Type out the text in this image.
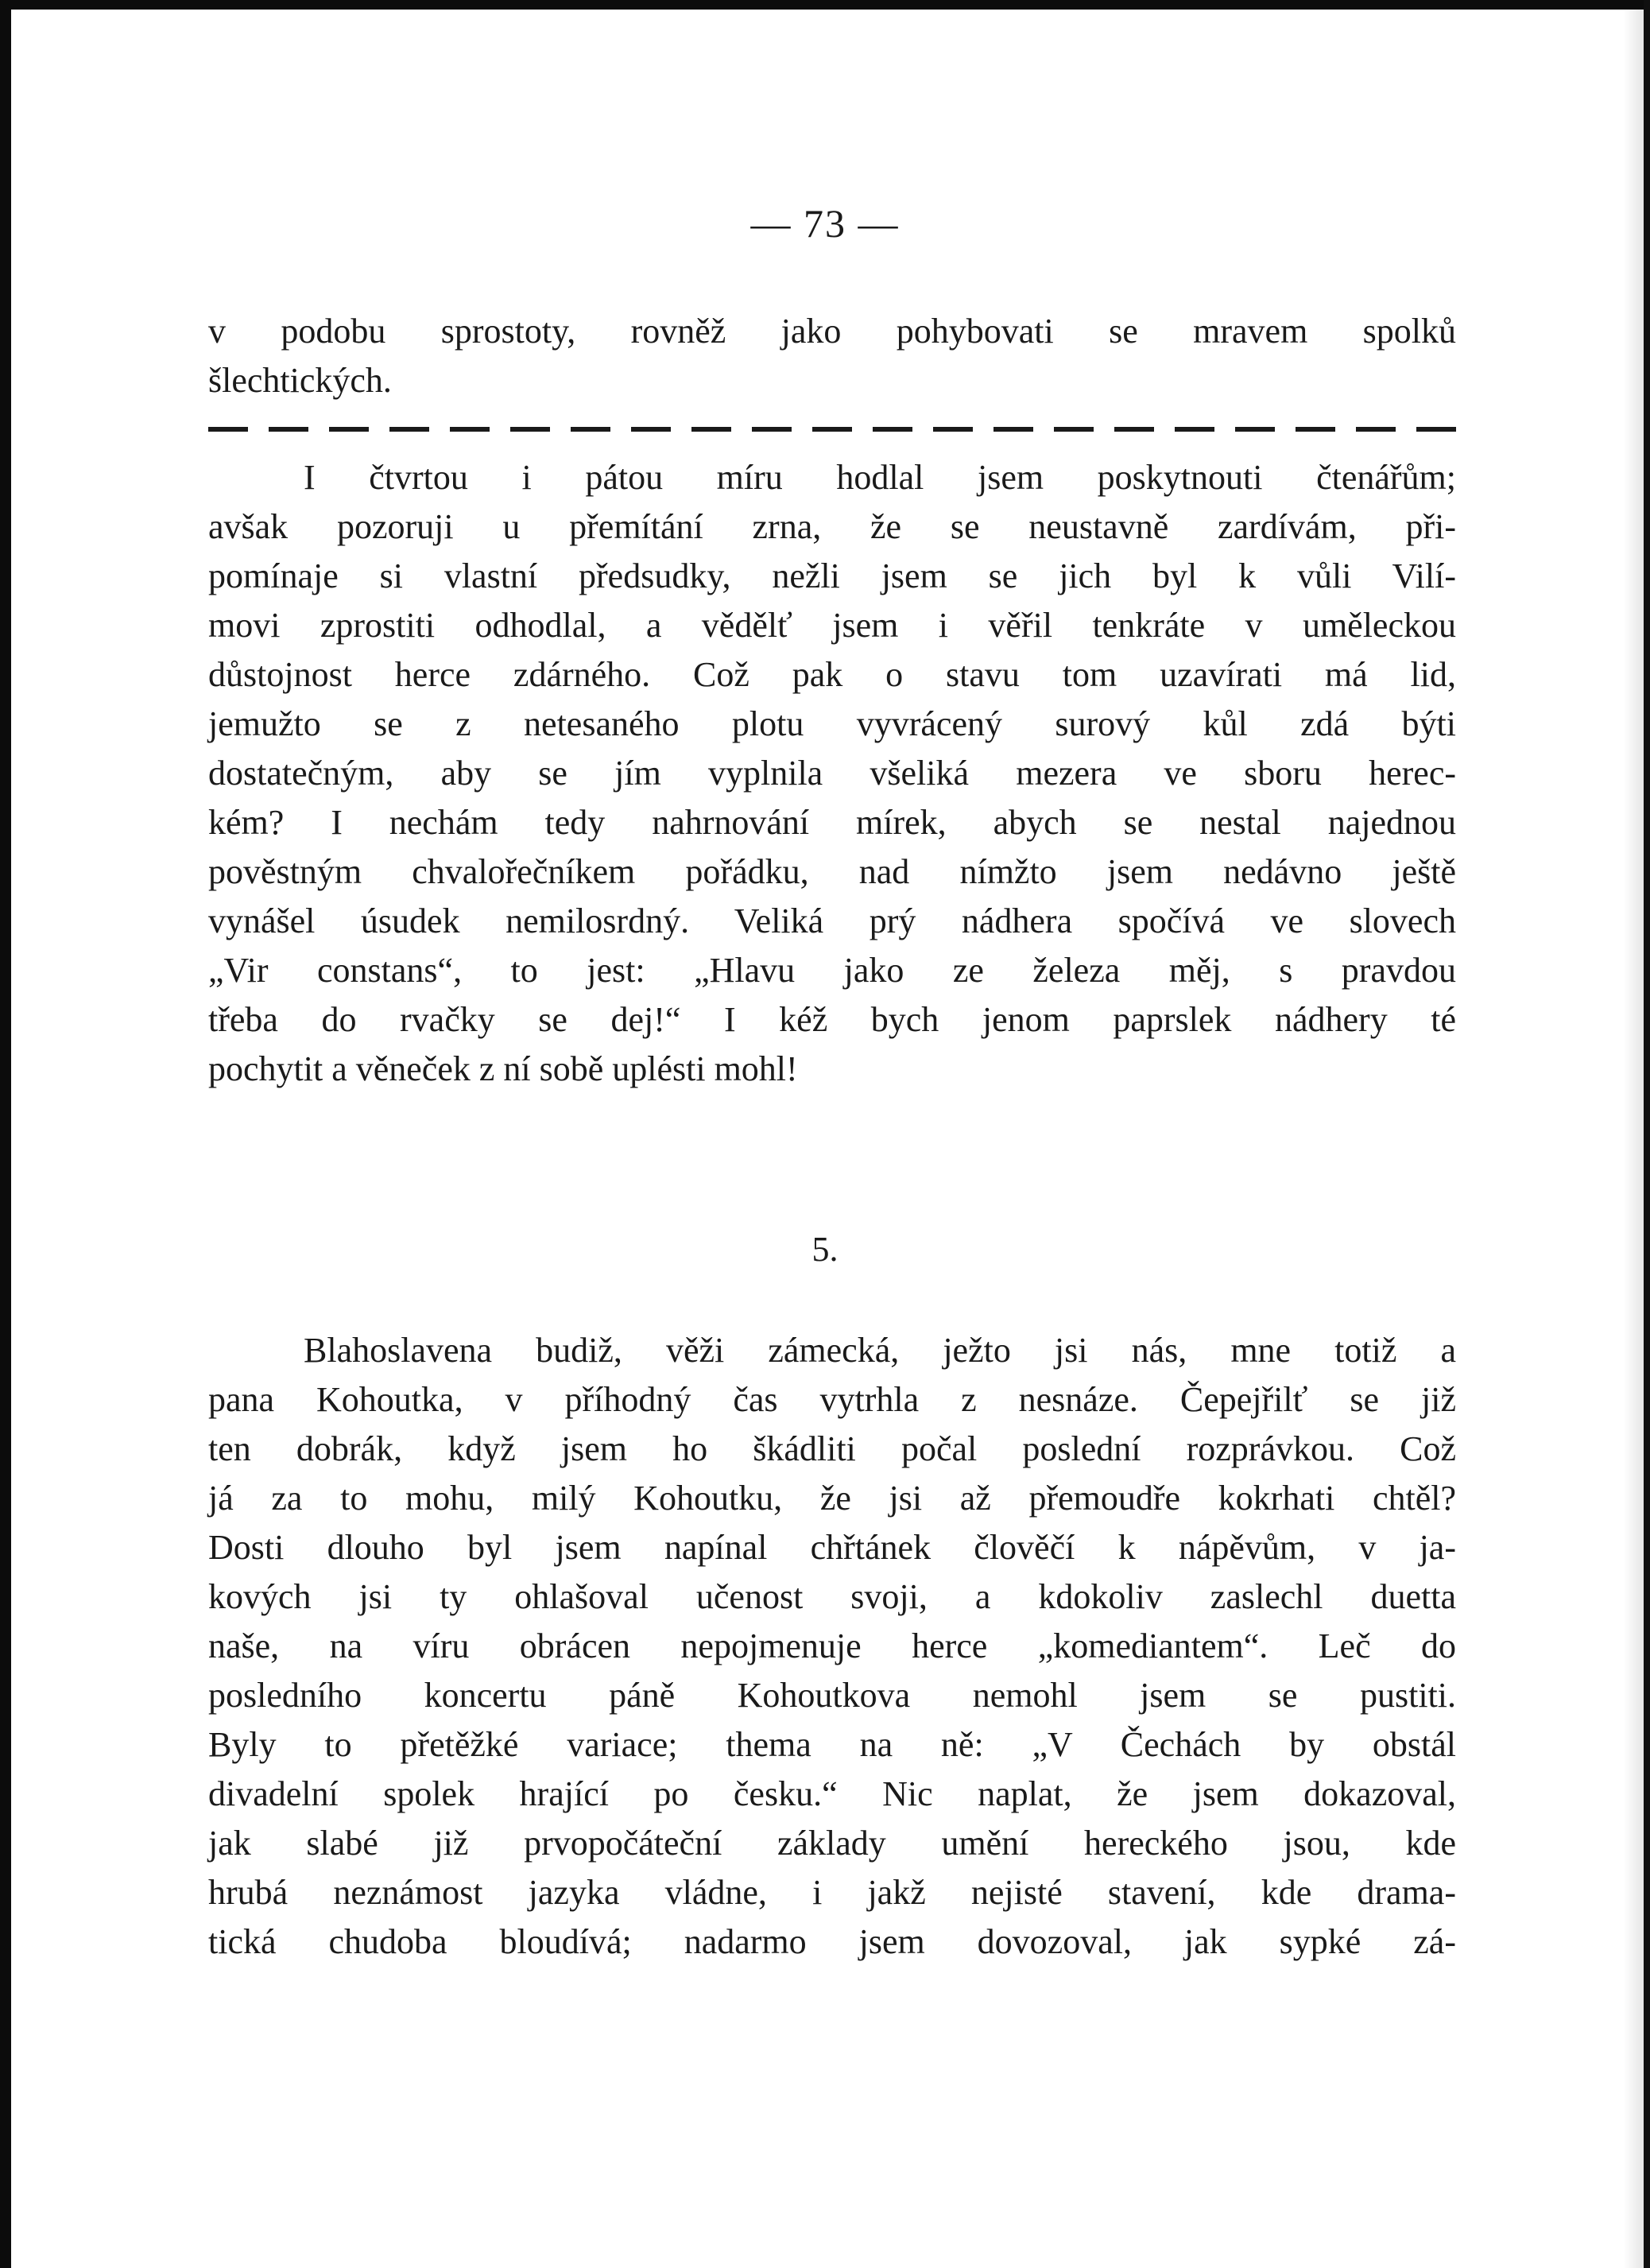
— 73 —
v podobu sprostoty, rovněž jako pohybovati se mravem spolků
šlechtických.
I čtvrtou i pátou míru hodlal jsem poskytnouti čtenářům;
avšak pozoruji u přemítání zrna, že se neustavně zardívám, při-
pomínaje si vlastní předsudky, nežli jsem se jich byl k vůli Vilí-
movi zprostiti odhodlal, a vědělť jsem i věřil tenkráte v uměleckou
důstojnost herce zdárného. Což pak o stavu tom uzavírati má lid,
jemužto se z netesaného plotu vyvrácený surový kůl zdá býti
dostatečným, aby se jím vyplnila všeliká mezera ve sboru herec-
kém? I nechám tedy nahrnování mírek, abych se nestal najednou
pověstným chvalořečníkem pořádku, nad nímžto jsem nedávno ještě
vynášel úsudek nemilosrdný. Veliká prý nádhera spočívá ve slovech
„Vir constans“, to jest: „Hlavu jako ze železa měj, s pravdou
třeba do rvačky se dej!“ I kéž bych jenom paprslek nádhery té
pochytit a věneček z ní sobě uplésti mohl!
5.
Blahoslavena budiž, věži zámecká, ježto jsi nás, mne totiž a
pana Kohoutka, v příhodný čas vytrhla z nesnáze. Čepejřilť se již
ten dobrák, když jsem ho škádliti počal poslední rozprávkou. Což
já za to mohu, milý Kohoutku, že jsi až přemoudře kokrhati chtěl?
Dosti dlouho byl jsem napínal chřtánek člověčí k nápěvům, v ja-
kových jsi ty ohlašoval učenost svoji, a kdokoliv zaslechl duetta
naše, na víru obrácen nepojmenuje herce „komediantem“. Leč do
posledního koncertu páně Kohoutkova nemohl jsem se pustiti.
Byly to přetěžké variace; thema na ně: „V Čechách by obstál
divadelní spolek hrající po česku.“ Nic naplat, že jsem dokazoval,
jak slabé již prvopočáteční základy umění hereckého jsou, kde
hrubá neznámost jazyka vládne, i jakž nejisté stavení, kde drama-
tická chudoba bloudívá; nadarmo jsem dovozoval, jak sypké zá-
